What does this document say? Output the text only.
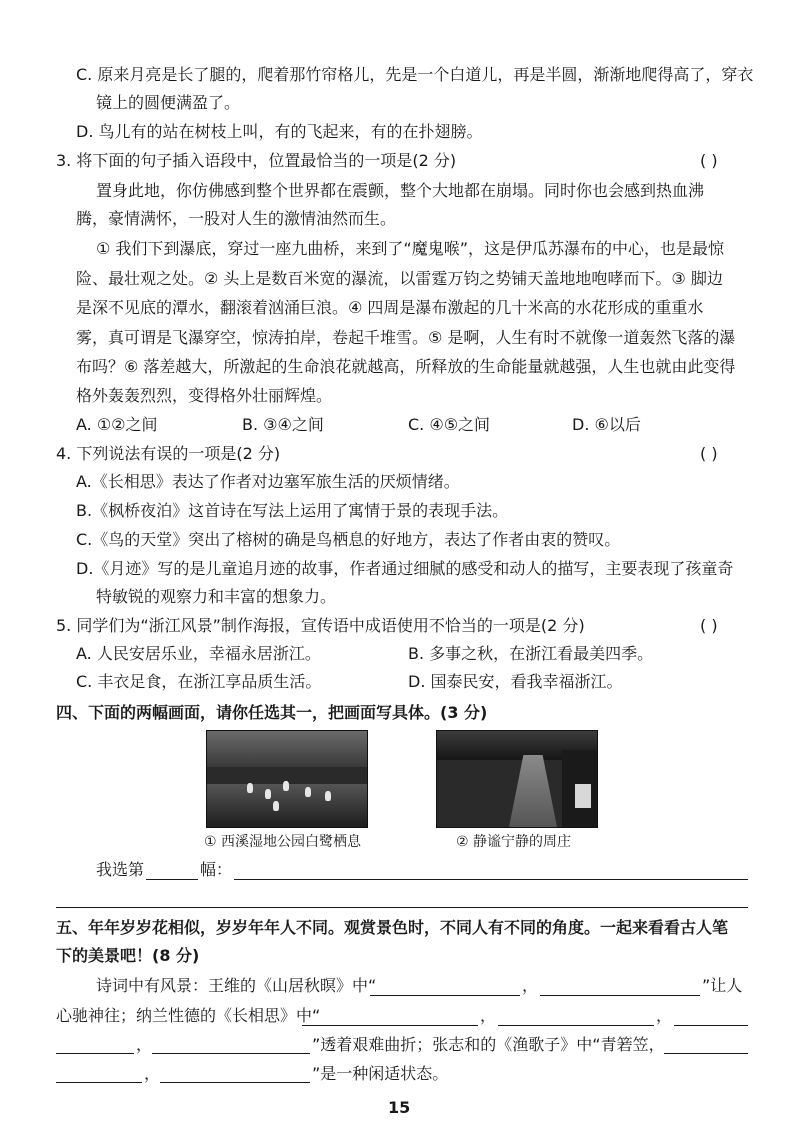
C. 原来月亮是长了腿的，爬着那竹帘格儿，先是一个白道儿，再是半圆，渐渐地爬得高了，穿衣
镜上的圆便满盈了。
D. 鸟儿有的站在树枝上叫，有的飞起来，有的在扑翅膀。
3. 将下面的句子插入语段中，位置最恰当的一项是(2 分)	( )
置身此地，你仿佛感到整个世界都在震颤，整个大地都在崩塌。同时你也会感到热血沸
腾，豪情满怀，一股对人生的激情油然而生。
① 我们下到瀑底，穿过一座九曲桥，来到了“魔鬼喉”，这是伊瓜苏瀑布的中心，也是最惊
险、最壮观之处。② 头上是数百米宽的瀑流，以雷霆万钧之势铺天盖地地咆哮而下。③ 脚边
是深不见底的潭水，翻滚着汹涌巨浪。④ 四周是瀑布激起的几十米高的水花形成的重重水
雾，真可谓是飞瀑穿空，惊涛拍岸，卷起千堆雪。⑤ 是啊，人生有时不就像一道轰然飞落的瀑
布吗？⑥ 落差越大，所激起的生命浪花就越高，所释放的生命能量就越强，人生也就由此变得
格外轰轰烈烈，变得格外壮丽辉煌。
A. ①②之间	B. ③④之间	C. ④⑤之间	D. ⑥以后
4. 下列说法有误的一项是(2 分)	( )
A.《长相思》表达了作者对边塞军旅生活的厌烦情绪。
B.《枫桥夜泊》这首诗在写法上运用了寓情于景的表现手法。
C.《鸟的天堂》突出了榕树的确是鸟栖息的好地方，表达了作者由衷的赞叹。
D.《月迹》写的是儿童追月迹的故事，作者通过细腻的感受和动人的描写，主要表现了孩童奇
特敏锐的观察力和丰富的想象力。
5. 同学们为“浙江风景”制作海报，宣传语中成语使用不恰当的一项是(2 分)	( )
A. 人民安居乐业，幸福永居浙江。	B. 多事之秋，在浙江看最美四季。
C. 丰衣足食，在浙江享品质生活。	D. 国泰民安，看我幸福浙江。
四、下面的两幅画面，请你任选其一，把画面写具体。(3 分)
① 西溪湿地公园白鹭栖息	② 静谧宁静的周庄
我选第	幅：
五、年年岁岁花相似，岁岁年年人不同。观赏景色时，不同人有不同的角度。一起来看看古人笔
下的美景吧！(8 分)
诗词中有风景：王维的《山居秋暝》中“	，	”让人
心驰神往；纳兰性德的《长相思》中“	，	，
，	”透着艰难曲折；张志和的《渔歌子》中“青箬笠，
，	”是一种闲适状态。
15
